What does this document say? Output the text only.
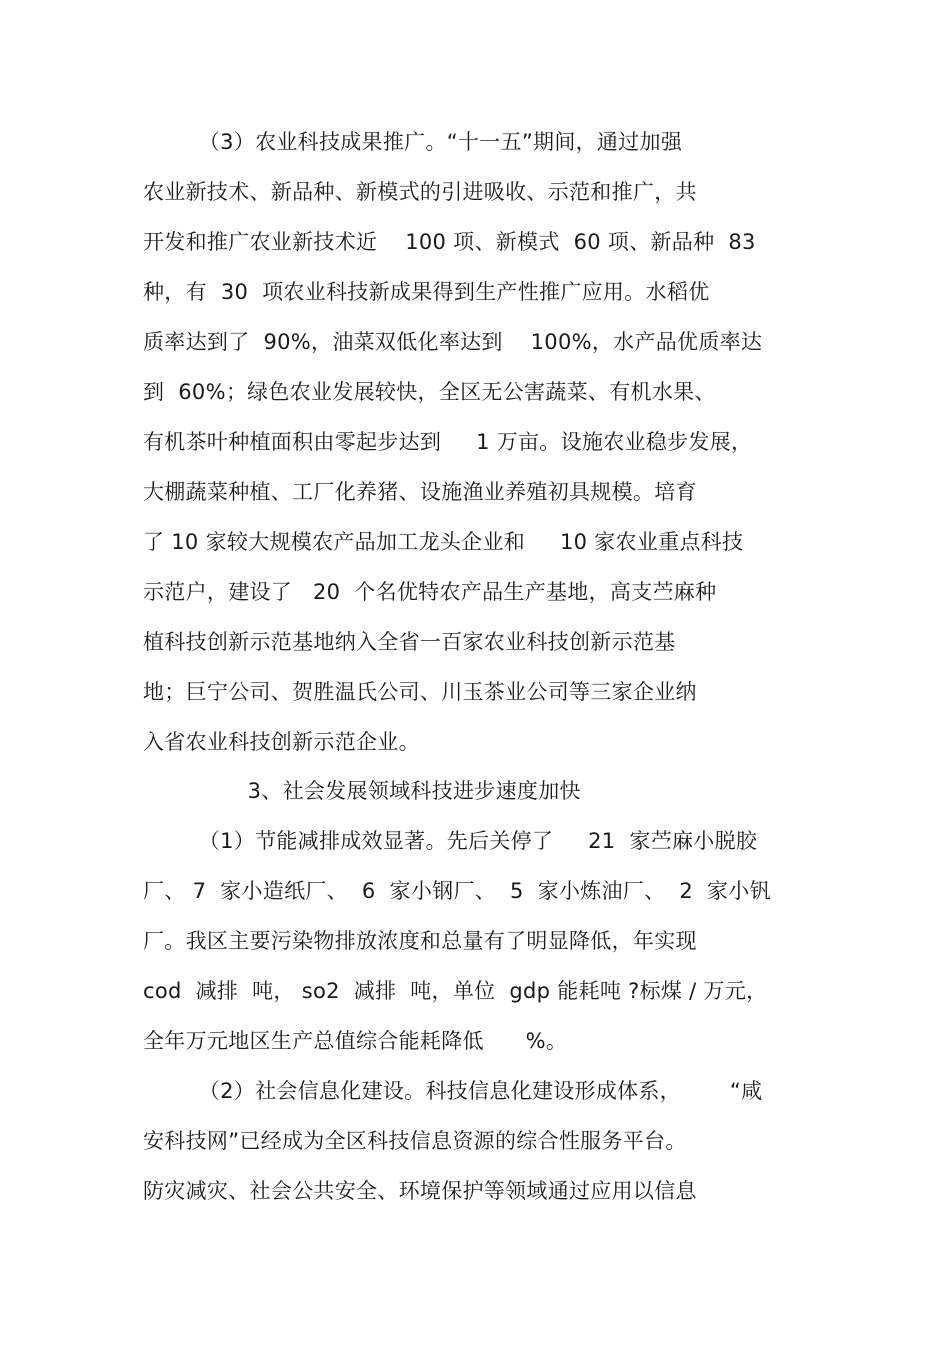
（3）农业科技成果推广。“十一五”期间，通过加强
农业新技术、新品种、新模式的引进吸收、示范和推广，共
开发和推广农业新技术近    100 项、新模式  60 项、新品种  83
种，有  30  项农业科技新成果得到生产性推广应用。水稻优
质率达到了  90%，油菜双低化率达到    100%，水产品优质率达
到  60%；绿色农业发展较快，全区无公害蔬菜、有机水果、
有机茶叶种植面积由零起步达到     1 万亩。设施农业稳步发展，
大棚蔬菜种植、工厂化养猪、设施渔业养殖初具规模。培育
了 10 家较大规模农产品加工龙头企业和     10 家农业重点科技
示范户，建设了   20  个名优特农产品生产基地，高支苎麻种
植科技创新示范基地纳入全省一百家农业科技创新示范基
地；巨宁公司、贺胜温氏公司、川玉茶业公司等三家企业纳
入省农业科技创新示范企业。
3、社会发展领域科技进步速度加快
（1）节能减排成效显著。先后关停了     21  家苎麻小脱胶
厂、 7  家小造纸厂、  6  家小钢厂、  5  家小炼油厂、  2  家小钒
厂。我区主要污染物排放浓度和总量有了明显降低，年实现
cod  减排  吨， so2  减排  吨，单位  gdp 能耗吨 ?标煤 / 万元，
全年万元地区生产总值综合能耗降低      %。
（2）社会信息化建设。科技信息化建设形成体系，       “咸
安科技网”已经成为全区科技信息资源的综合性服务平台。
防灾减灾、社会公共安全、环境保护等领域通过应用以信息
